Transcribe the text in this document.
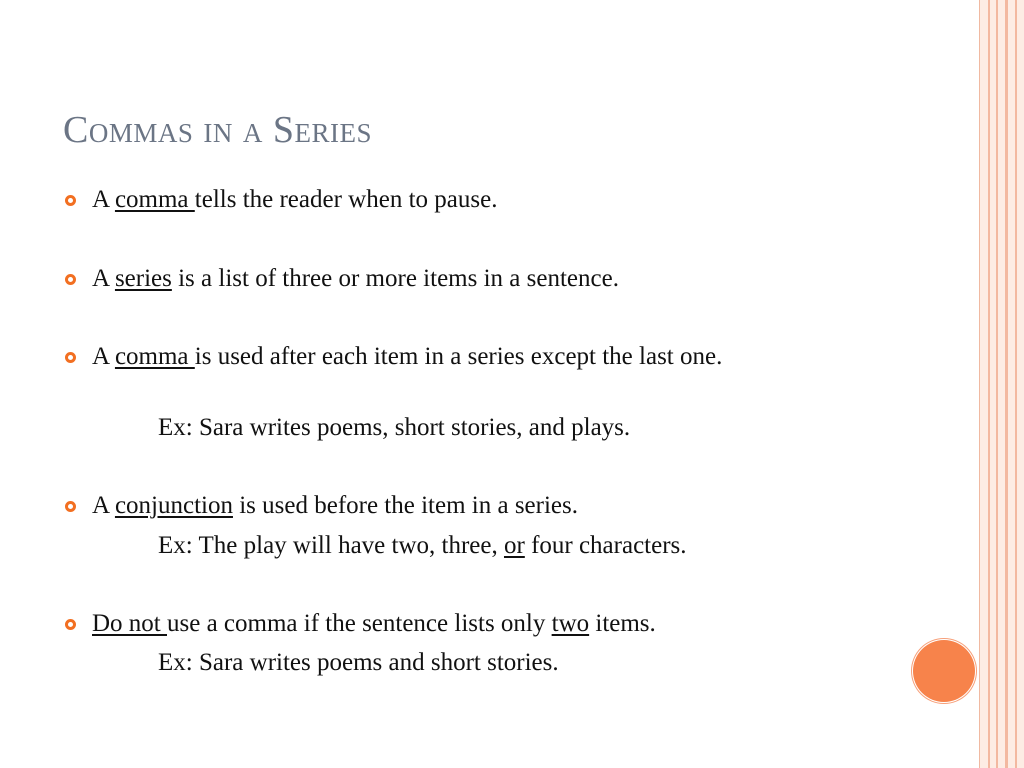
Commas in a Series
A comma tells the reader when to pause.
A series is a list of three or more items in a sentence.
A comma is used after each item in a series except the last one.
Ex: Sara writes poems, short stories, and plays.
A conjunction is used before the item in a series.
Ex: The play will have two, three, or four characters.
Do not use a comma if the sentence lists only two items.
Ex: Sara writes poems and short stories.
